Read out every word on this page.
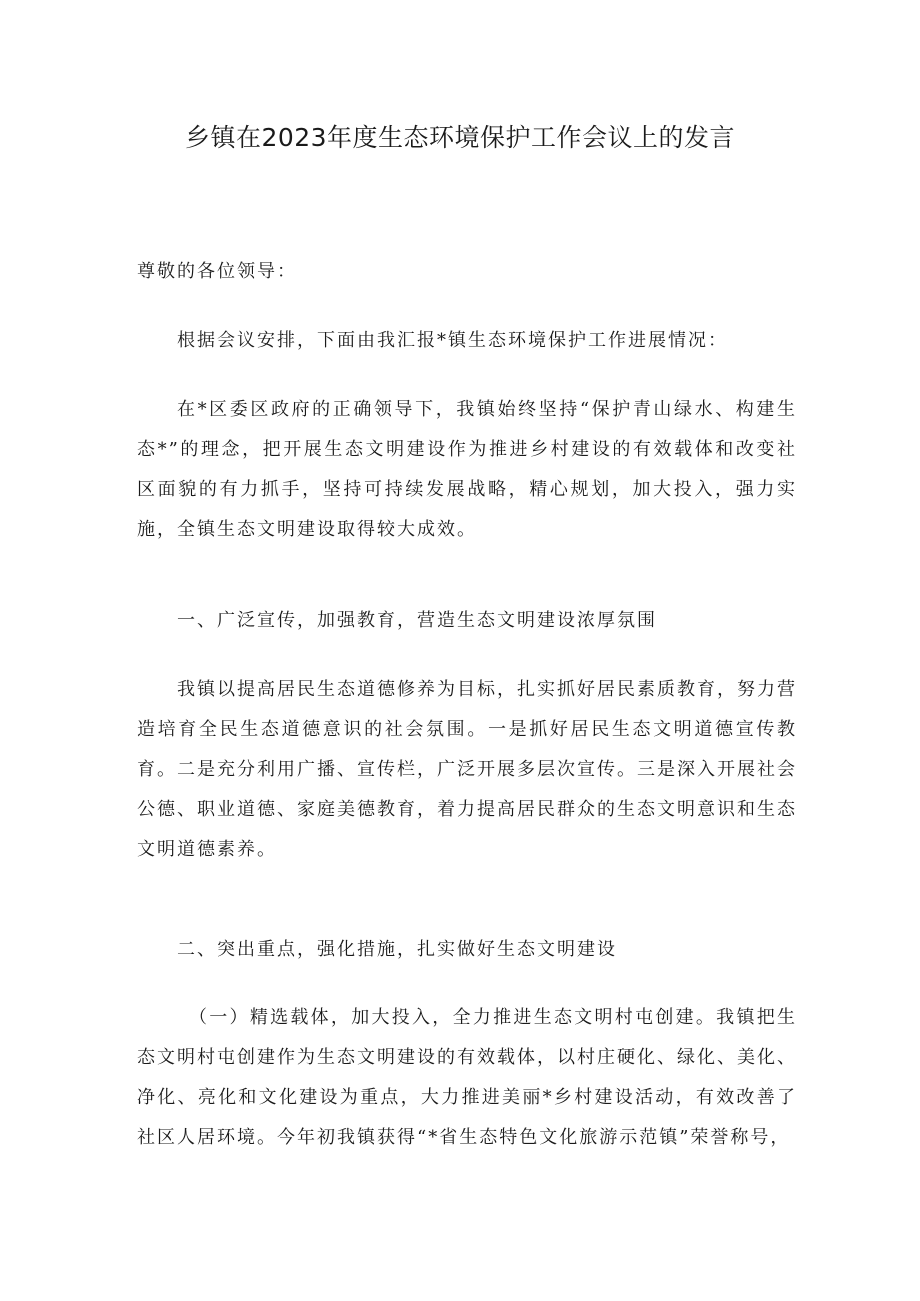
乡镇在2023年度生态环境保护工作会议上的发言

尊敬的各位领导：

根据会议安排，下面由我汇报*镇生态环境保护工作进展情况：

在*区委区政府的正确领导下，我镇始终坚持“保护青山绿水、构建生态*”的理念，把开展生态文明建设作为推进乡村建设的有效载体和改变社区面貌的有力抓手，坚持可持续发展战略，精心规划，加大投入，强力实施，全镇生态文明建设取得较大成效。

一、广泛宣传，加强教育，营造生态文明建设浓厚氛围

我镇以提高居民生态道德修养为目标，扎实抓好居民素质教育，努力营造培育全民生态道德意识的社会氛围。一是抓好居民生态文明道德宣传教育。二是充分利用广播、宣传栏，广泛开展多层次宣传。三是深入开展社会公德、职业道德、家庭美德教育，着力提高居民群众的生态文明意识和生态文明道德素养。

二、突出重点，强化措施，扎实做好生态文明建设

（一）精选载体，加大投入，全力推进生态文明村屯创建。我镇把生态文明村屯创建作为生态文明建设的有效载体，以村庄硬化、绿化、美化、净化、亮化和文化建设为重点，大力推进美丽*乡村建设活动，有效改善了社区人居环境。今年初我镇获得“*省生态特色文化旅游示范镇”荣誉称号，
